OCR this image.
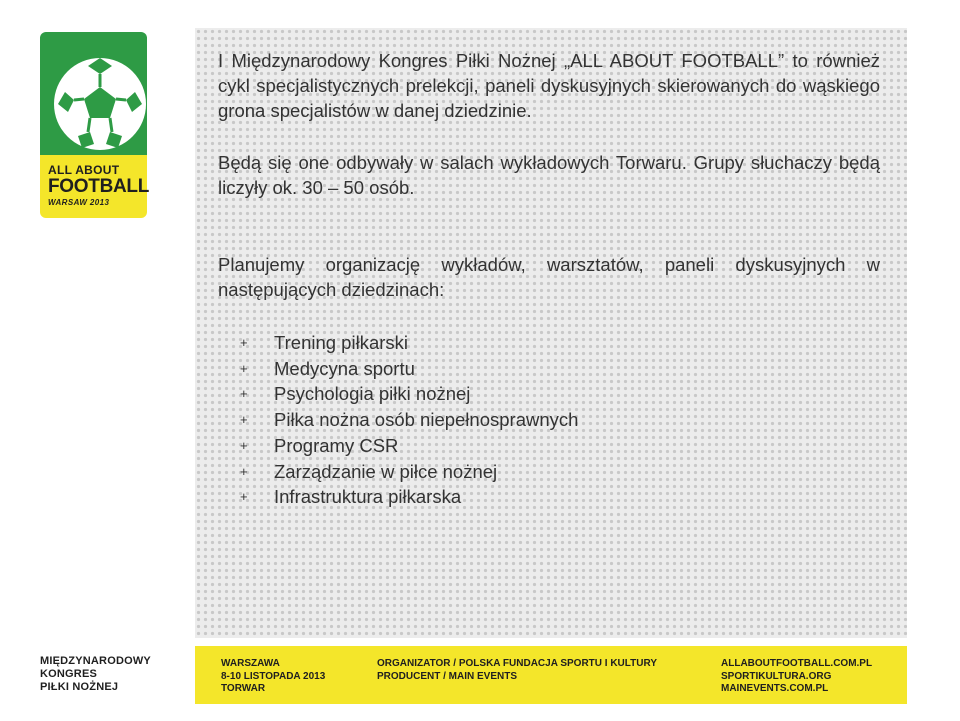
ALL ABOUT
FOOTBALL
WARSAW 2013

I Międzynarodowy Kongres Piłki Nożnej „ALL ABOUT FOOTBALL” to również cykl specjalistycznych prelekcji, paneli dyskusyjnych skierowanych do wąskiego grona specjalistów w danej dziedzinie.

Będą się one odbywały w salach wykładowych Torwaru. Grupy słuchaczy będą liczyły ok. 30 – 50 osób.

Planujemy organizację wykładów, warsztatów, paneli dyskusyjnych w następujących dziedzinach:

+ Trening piłkarski
+ Medycyna sportu
+ Psychologia piłki nożnej
+ Piłka nożna osób niepełnosprawnych
+ Programy CSR
+ Zarządzanie w piłce nożnej
+ Infrastruktura piłkarska
MIĘDZYNARODOWY
KONGRES
PIŁKI NOŻNEJ
WARSZAWA
8-10 LISTOPADA 2013
TORWAR
ORGANIZATOR / POLSKA FUNDACJA SPORTU I KULTURY
PRODUCENT / MAIN EVENTS
ALLABOUTFOOTBALL.COM.PL
SPORTIKULTURA.ORG
MAINEVENTS.COM.PL
